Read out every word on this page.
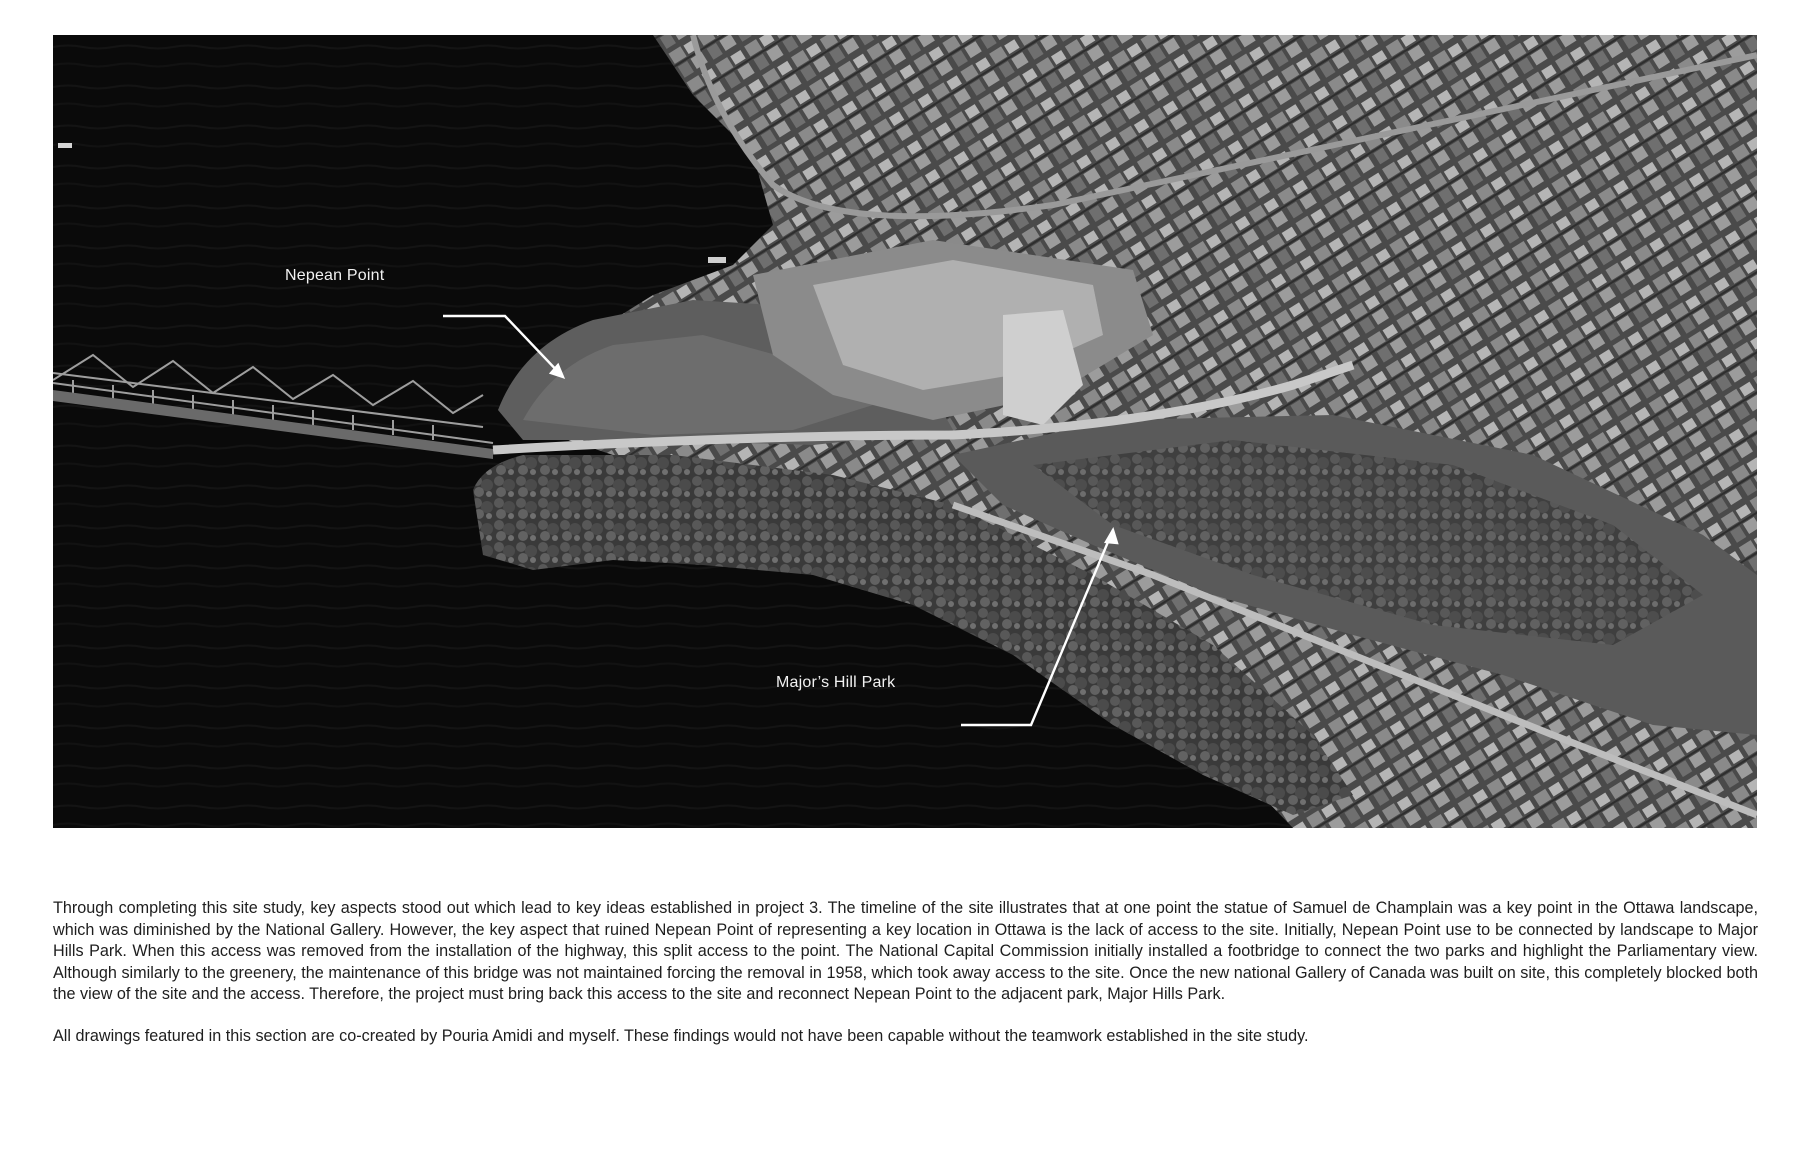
Nepean Point
Major’s Hill Park

Through completing this site study, key aspects stood out which lead to key ideas established in project 3. The timeline of the site illustrates that at one point the statue of Samuel de Champlain was a key point in the Ottawa landscape, which was diminished by the National Gallery. However, the key aspect that ruined Nepean Point of representing a key location in Ottawa is the lack of access to the site. Initially, Nepean Point use to be connected by landscape to Major Hills Park. When this access was removed from the installation of the highway, this split access to the point. The National Capital Commission initially installed a footbridge to connect the two parks and highlight the Parliamentary view. Although similarly to the greenery, the maintenance of this bridge was not maintained forcing the removal in 1958, which took away access to the site. Once the new national Gallery of Canada was built on site, this completely blocked both the view of the site and the access. Therefore, the project must bring back this access to the site and reconnect Nepean Point to the adjacent park, Major Hills Park.

All drawings featured in this section are co-created by Pouria Amidi and myself. These findings would not have been capable without the teamwork established in the site study.
